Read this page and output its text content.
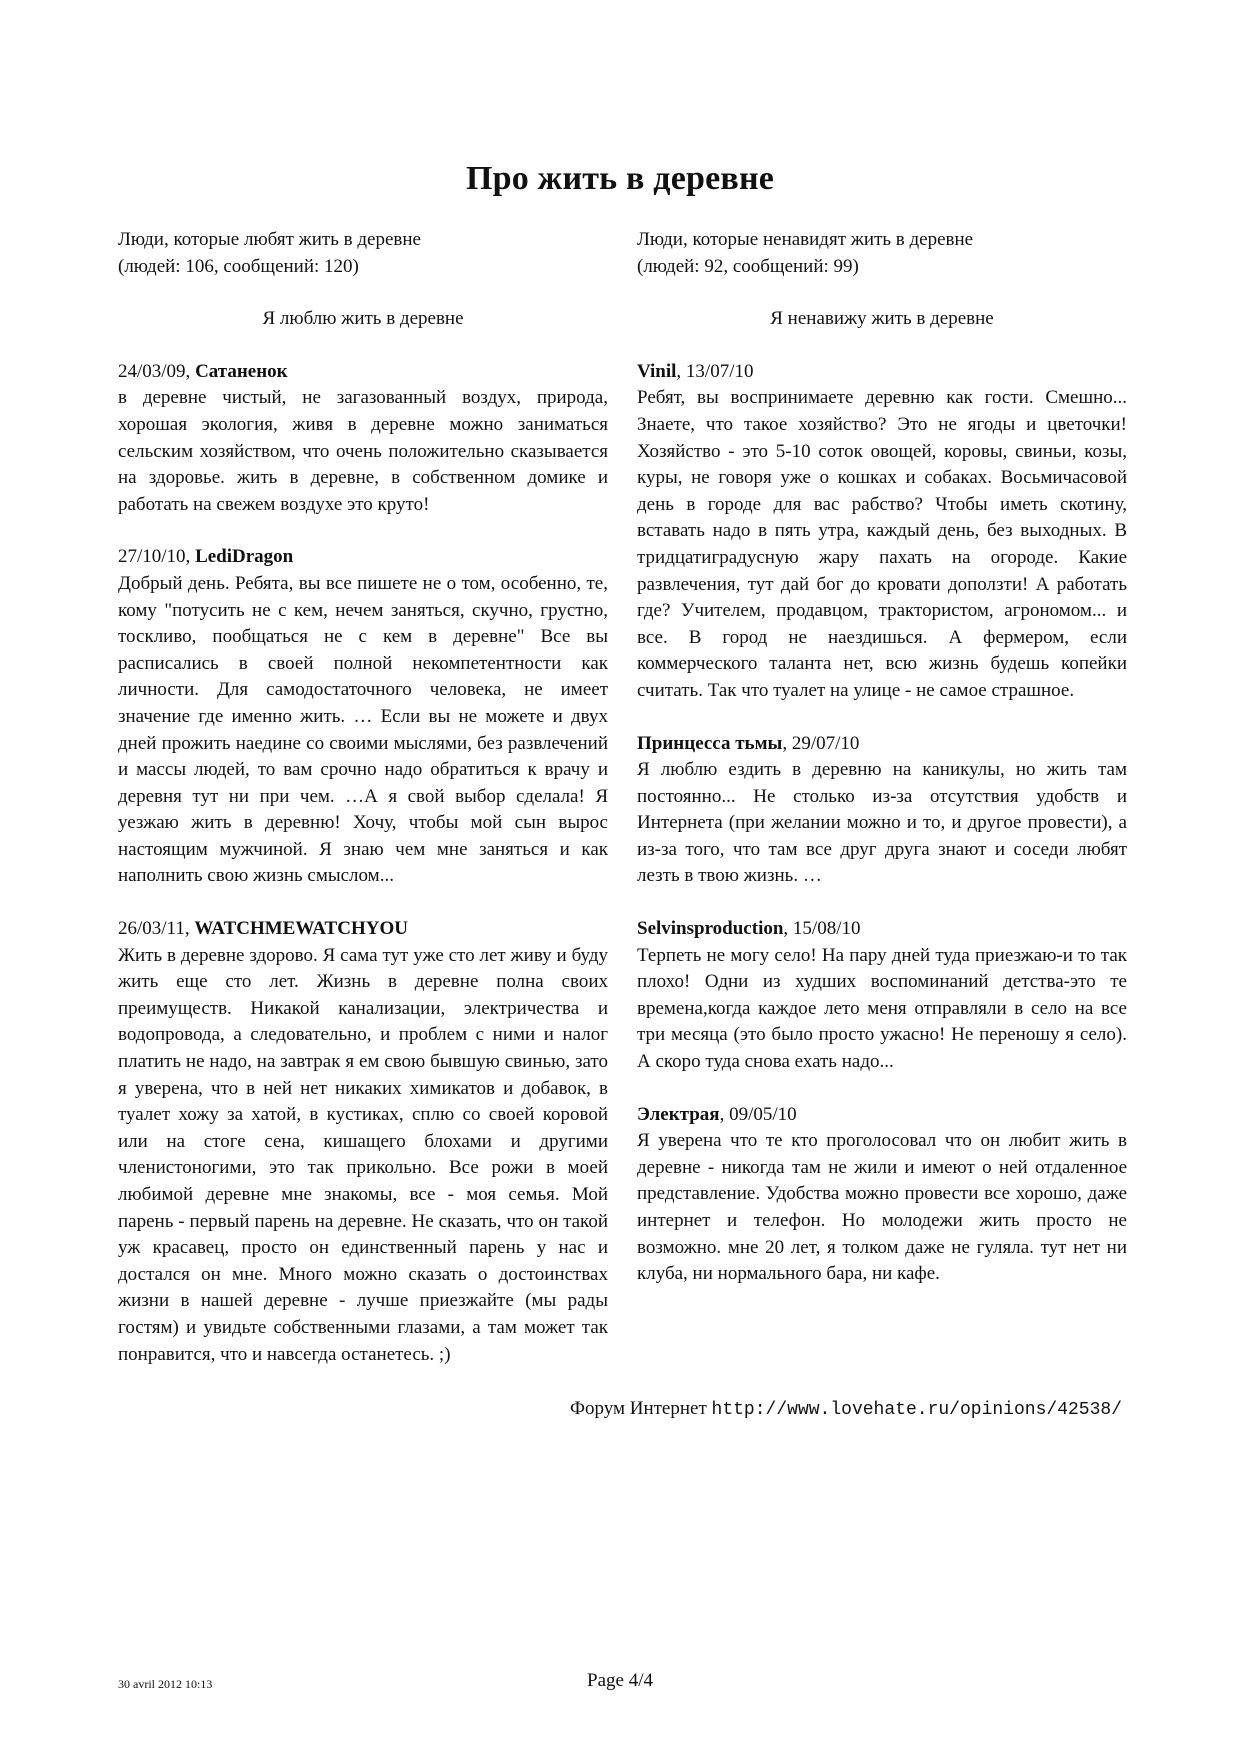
Про жить в деревне
Люди, которые любят жить в деревне
(людей: 106, сообщений: 120)
Я люблю жить в деревне
24/03/09, Сатаненок
в деревне чистый, не загазованный воздух, природа, хорошая экология, живя в деревне можно заниматься сельским хозяйством, что очень положительно сказывается на здоровье. жить в деревне, в собственном домике и работать на свежем воздухе это круто!
27/10/10, LediDragon
Добрый день. Ребята, вы все пишете не о том, особенно, те, кому "потусить не с кем, нечем заняться, скучно, грустно, тоскливо, пообщаться не с кем в деревне" Все вы расписались в своей полной некомпетентности как личности. Для самодостаточного человека, не имеет значение где именно жить. … Если вы не можете и двух дней прожить наедине со своими мыслями, без развлечений и массы людей, то вам срочно надо обратиться к врачу и деревня тут ни при чем. …А я свой выбор сделала! Я уезжаю жить в деревню! Хочу, чтобы мой сын вырос настоящим мужчиной. Я знаю чем мне заняться и как наполнить свою жизнь смыслом...
26/03/11, WATCHMEWATCHYOU
Жить в деревне здорово. Я сама тут уже сто лет живу и буду жить еще сто лет. Жизнь в деревне полна своих преимуществ. Никакой канализации, электричества и водопровода, а следовательно, и проблем с ними и налог платить не надо, на завтрак я ем свою бывшую свинью, зато я уверена, что в ней нет никаких химикатов и добавок, в туалет хожу за хатой, в кустиках, сплю со своей коровой или на стоге сена, кишащего блохами и другими членистоногими, это так прикольно. Все рожи в моей любимой деревне мне знакомы, все - моя семья. Мой парень - первый парень на деревне. Не сказать, что он такой уж красавец, просто он единственный парень у нас и достался он мне. Много можно сказать о достоинствах жизни в нашей деревне - лучше приезжайте (мы рады гостям) и увидьте собственными глазами, а там может так понравится, что и навсегда останетесь. ;)
Люди, которые ненавидят жить в деревне
(людей: 92, сообщений: 99)
Я ненавижу жить в деревне
Vinil, 13/07/10
Ребят, вы воспринимаете деревню как гости. Смешно... Знаете, что такое хозяйство? Это не ягоды и цветочки! Хозяйство - это 5-10 соток овощей, коровы, свиньи, козы, куры, не говоря уже о кошках и собаках. Восьмичасовой день в городе для вас рабство? Чтобы иметь скотину, вставать надо в пять утра, каждый день, без выходных. В тридцатиградусную жару пахать на огороде. Какие развлечения, тут дай бог до кровати доползти! А работать где? Учителем, продавцом, трактористом, агрономом... и все. В город не наездишься. А фермером, если коммерческого таланта нет, всю жизнь будешь копейки считать. Так что туалет на улице - не самое страшное.
Принцесса тьмы, 29/07/10
Я люблю ездить в деревню на каникулы, но жить там постоянно... Не столько из-за отсутствия удобств и Интернета (при желании можно и то, и другое провести), а из-за того, что там все друг друга знают и соседи любят лезть в твою жизнь. …
Selvinsproduction, 15/08/10
Терпеть не могу село! На пару дней туда приезжаю-и то так плохо! Одни из худших воспоминаний детства-это те времена,когда каждое лето меня отправляли в село на все три месяца (это было просто ужасно! Не переношу я село). А скоро туда снова ехать надо...
Электрая, 09/05/10
Я уверена что те кто проголосовал что он любит жить в деревне - никогда там не жили и имеют о ней отдаленное представление. Удобства можно провести все хорошо, даже интернет и телефон. Но молодежи жить просто не возможно. мне 20 лет, я толком даже не гуляла. тут нет ни клуба, ни нормального бара, ни кафе.
Форум Интернет http://www.lovehate.ru/opinions/42538/
30 avril 2012 10:13	Page 4/4
